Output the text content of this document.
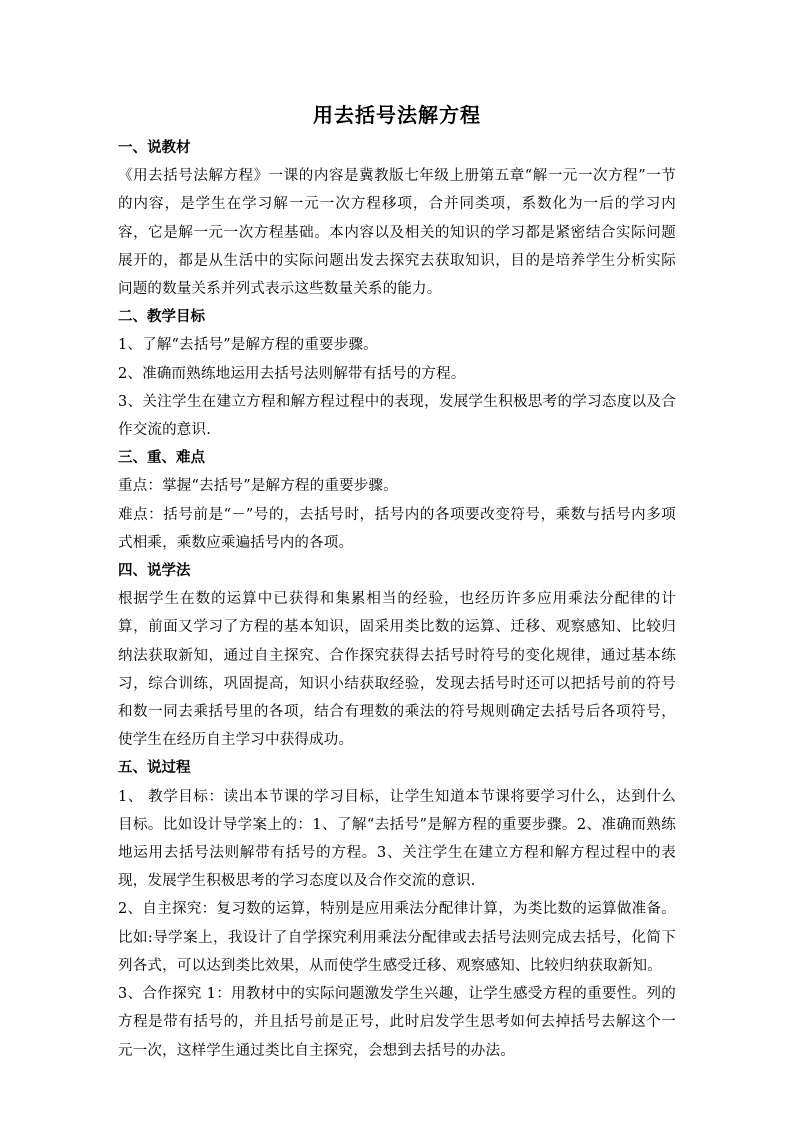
用去括号法解方程

一、说教材

《用去括号法解方程》一课的内容是冀教版七年级上册第五章“解一元一次方程”一节的内容，是学生在学习解一元一次方程移项，合并同类项，系数化为一后的学习内容，它是解一元一次方程基础。本内容以及相关的知识的学习都是紧密结合实际问题展开的，都是从生活中的实际问题出发去探究去获取知识，目的是培养学生分析实际问题的数量关系并列式表示这些数量关系的能力。

二、教学目标

1、了解“去括号”是解方程的重要步骤。

2、准确而熟练地运用去括号法则解带有括号的方程。

3、关注学生在建立方程和解方程过程中的表现，发展学生积极思考的学习态度以及合作交流的意识.

三、重、难点

重点：掌握“去括号”是解方程的重要步骤。

难点：括号前是“－”号的，去括号时，括号内的各项要改变符号，乘数与括号内多项式相乘，乘数应乘遍括号内的各项。

四、说学法

根据学生在数的运算中已获得和集累相当的经验，也经历许多应用乘法分配律的计算，前面又学习了方程的基本知识，固采用类比数的运算、迁移、观察感知、比较归纳法获取新知，通过自主探究、合作探究获得去括号时符号的变化规律，通过基本练习，综合训练，巩固提高，知识小结获取经验，发现去括号时还可以把括号前的符号和数一同去乘括号里的各项，结合有理数的乘法的符号规则确定去括号后各项符号，使学生在经历自主学习中获得成功。

五、说过程

1、 教学目标：读出本节课的学习目标，让学生知道本节课将要学习什么，达到什么目标。比如设计导学案上的：1、了解“去括号”是解方程的重要步骤。2、准确而熟练地运用去括号法则解带有括号的方程。3、关注学生在建立方程和解方程过程中的表现，发展学生积极思考的学习态度以及合作交流的意识.

2、自主探究：复习数的运算，特别是应用乘法分配律计算，为类比数的运算做准备。比如:导学案上，我设计了自学探究利用乘法分配律或去括号法则完成去括号，化简下列各式，可以达到类比效果，从而使学生感受迁移、观察感知、比较归纳获取新知。

3、合作探究 1：用教材中的实际问题激发学生兴趣，让学生感受方程的重要性。列的方程是带有括号的，并且括号前是正号，此时启发学生思考如何去掉括号去解这个一元一次，这样学生通过类比自主探究，会想到去括号的办法。
